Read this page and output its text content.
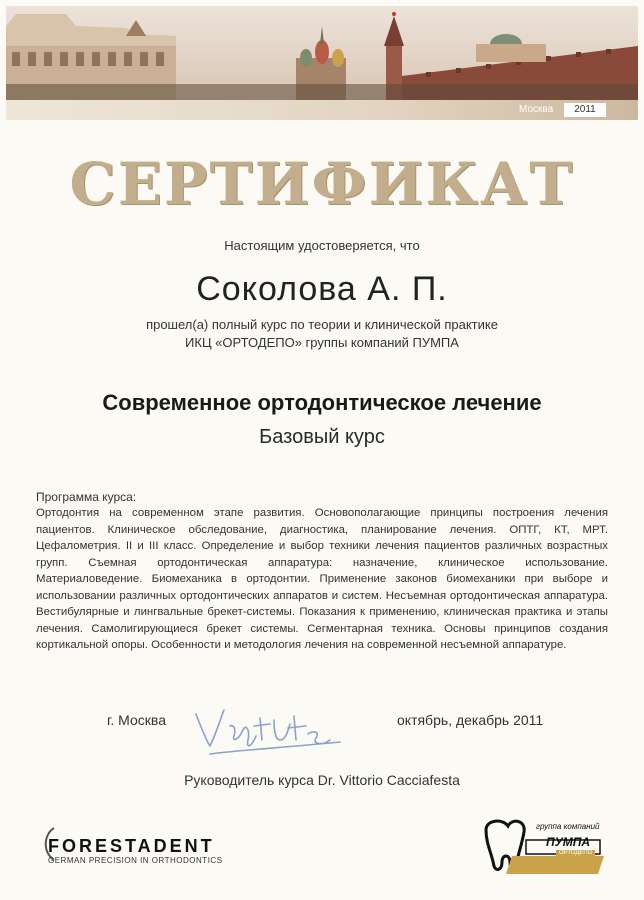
Москва	2011
СЕРТИФИКАТ
Настоящим удостоверяется, что
Соколова А. П.
прошел(а) полный курс по теории и клинической практике
ИКЦ «ОРТОДЕПО» группы компаний ПУМПА
Современное ортодонтическое лечение
Базовый курс
Программа курса:
Ортодонтия на современном этапе развития. Основополагающие принципы построения лечения пациентов. Клиническое обследование, диагностика, планирование лечения. ОПТГ, КТ, МРТ. Цефалометрия. II и III класс. Определение и выбор техники лечения пациентов различных возрастных групп. Съемная ортодонтическая аппаратура: назначение, клиническое использование. Материаловедение. Биомеханика в ортодонтии. Применение законов биомеханики при выборе и использовании различных ортодонтических аппаратов и систем. Несъемная ортодонтическая аппаратура. Вестибулярные и лингвальные брекет-системы. Показания к применению, клиническая практика и этапы лечения. Самолигирующиеся брекет системы. Сегментарная техника. Основы принципов создания кортикальной опоры. Особенности и методология лечения на современной несъемной аппаратуре.
г. Москва	октябрь, декабрь 2011
Руководитель курса Dr. Vittorio Cacciafesta
FORESTADENT
GERMAN PRECISION IN ORTHODONTICS
группа компаний
ПУМПА
ОРТОДЕПО
